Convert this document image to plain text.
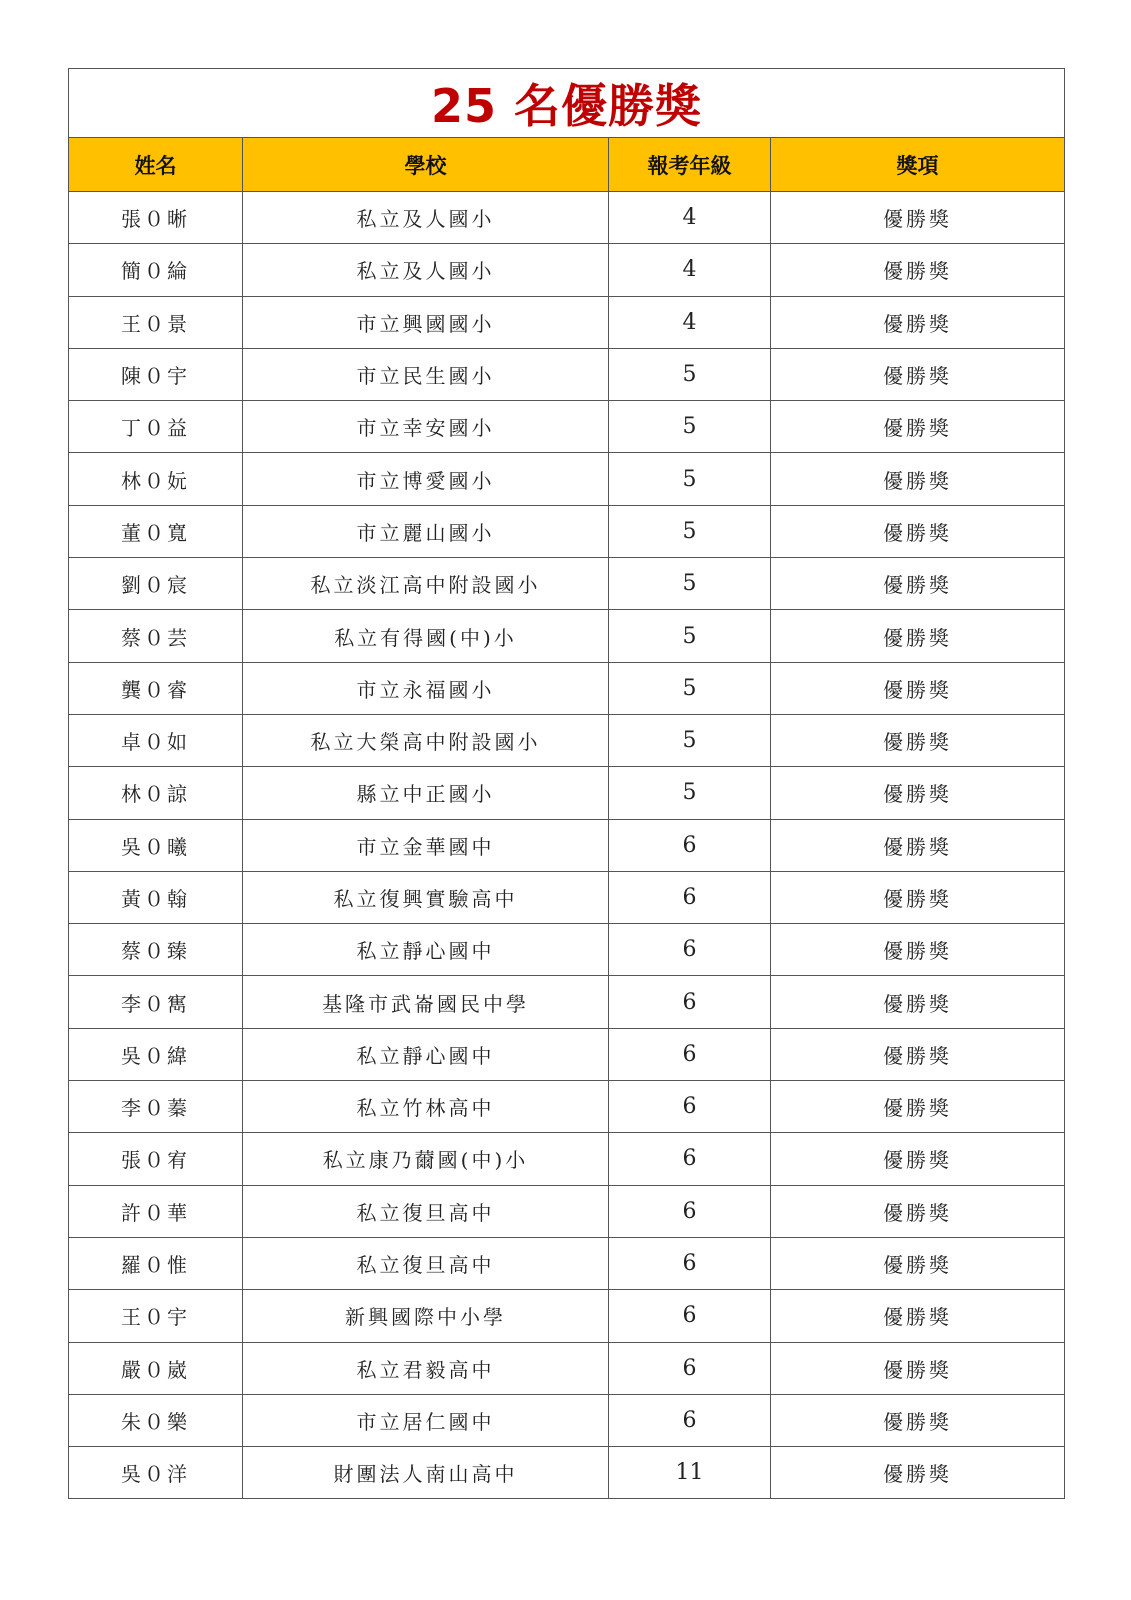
25 名優勝獎			
姓名	學校	報考年級	獎項
張０晰	私立及人國小	4	優勝獎
簡０綸	私立及人國小	4	優勝獎
王０景	市立興國國小	4	優勝獎
陳０宇	市立民生國小	5	優勝獎
丁０益	市立幸安國小	5	優勝獎
林０妧	市立博愛國小	5	優勝獎
董０寬	市立麗山國小	5	優勝獎
劉０宸	私立淡江高中附設國小	5	優勝獎
蔡０芸	私立有得國(中)小	5	優勝獎
龔０睿	市立永福國小	5	優勝獎
卓０如	私立大榮高中附設國小	5	優勝獎
林０諒	縣立中正國小	5	優勝獎
吳０曦	市立金華國中	6	優勝獎
黃０翰	私立復興實驗高中	6	優勝獎
蔡０臻	私立靜心國中	6	優勝獎
李０寯	基隆市武崙國民中學	6	優勝獎
吳０緯	私立靜心國中	6	優勝獎
李０蓁	私立竹林高中	6	優勝獎
張０宥	私立康乃薾國(中)小	6	優勝獎
許０華	私立復旦高中	6	優勝獎
羅０惟	私立復旦高中	6	優勝獎
王０宇	新興國際中小學	6	優勝獎
嚴０崴	私立君毅高中	6	優勝獎
朱０樂	市立居仁國中	6	優勝獎
吳０洋	財團法人南山高中	11	優勝獎
